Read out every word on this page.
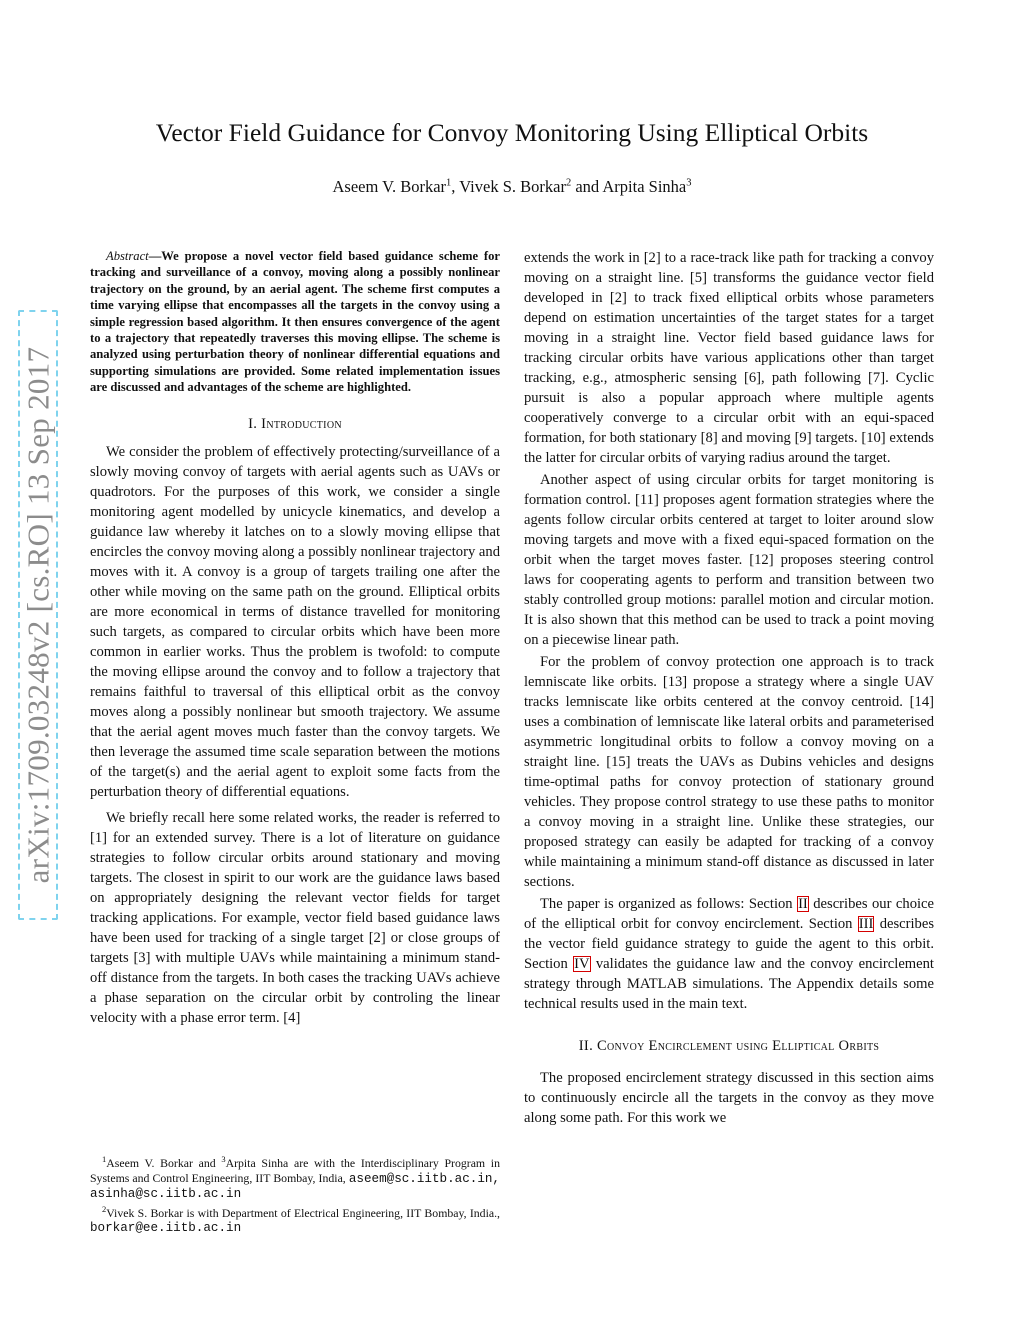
arXiv:1709.03248v2 [cs.RO] 13 Sep 2017
Vector Field Guidance for Convoy Monitoring Using Elliptical Orbits
Aseem V. Borkar$^1$, Vivek S. Borkar$^2$ and Arpita Sinha$^3$

Abstract—We propose a novel vector field based guidance scheme for tracking and surveillance of a convoy, moving along a possibly nonlinear trajectory on the ground, by an aerial agent. The scheme first computes a time varying ellipse that encompasses all the targets in the convoy using a simple regression based algorithm. It then ensures convergence of the agent to a trajectory that repeatedly traverses this moving ellipse. The scheme is analyzed using perturbation theory of nonlinear differential equations and supporting simulations are provided. Some related implementation issues are discussed and advantages of the scheme are highlighted.

I. Introduction

We consider the problem of effectively protecting/surveillance of a slowly moving convoy of targets with aerial agents such as UAVs or quadrotors. For the purposes of this work, we consider a single monitoring agent modelled by unicycle kinematics, and develop a guidance law whereby it latches on to a slowly moving ellipse that encircles the convoy moving along a possibly nonlinear trajectory and moves with it. A convoy is a group of targets trailing one after the other while moving on the same path on the ground. Elliptical orbits are more economical in terms of distance travelled for monitoring such targets, as compared to circular orbits which have been more common in earlier works. Thus the problem is twofold: to compute the moving ellipse around the convoy and to follow a trajectory that remains faithful to traversal of this elliptical orbit as the convoy moves along a possibly nonlinear but smooth trajectory. We assume that the aerial agent moves much faster than the convoy targets. We then leverage the assumed time scale separation between the motions of the target(s) and the aerial agent to exploit some facts from the perturbation theory of differential equations.

We briefly recall here some related works, the reader is referred to [1] for an extended survey. There is a lot of literature on guidance strategies to follow circular orbits around stationary and moving targets. The closest in spirit to our work are the guidance laws based on appropriately designing the relevant vector fields for target tracking applications. For example, vector field based guidance laws have been used for tracking of a single target [2] or close groups of targets [3] with multiple UAVs while maintaining a minimum stand-off distance from the targets. In both cases the tracking UAVs achieve a phase separation on the circular orbit by controling the linear velocity with a phase error term. [4]

extends the work in [2] to a race-track like path for tracking a convoy moving on a straight line. [5] transforms the guidance vector field developed in [2] to track fixed elliptical orbits whose parameters depend on estimation uncertainties of the target states for a target moving in a straight line. Vector field based guidance laws for tracking circular orbits have various applications other than target tracking, e.g., atmospheric sensing [6], path following [7]. Cyclic pursuit is also a popular approach where multiple agents cooperatively converge to a circular orbit with an equi-spaced formation, for both stationary [8] and moving [9] targets. [10] extends the latter for circular orbits of varying radius around the target.

Another aspect of using circular orbits for target monitoring is formation control. [11] proposes agent formation strategies where the agents follow circular orbits centered at target to loiter around slow moving targets and move with a fixed equi-spaced formation on the orbit when the target moves faster. [12] proposes steering control laws for cooperating agents to perform and transition between two stably controlled group motions: parallel motion and circular motion. It is also shown that this method can be used to track a point moving on a piecewise linear path.

For the problem of convoy protection one approach is to track lemniscate like orbits. [13] propose a strategy where a single UAV tracks lemniscate like orbits centered at the convoy centroid. [14] uses a combination of lemniscate like lateral orbits and parameterised asymmetric longitudinal orbits to follow a convoy moving on a straight line. [15] treats the UAVs as Dubins vehicles and designs time-optimal paths for convoy protection of stationary ground vehicles. They propose control strategy to use these paths to monitor a convoy moving in a straight line. Unlike these strategies, our proposed strategy can easily be adapted for tracking of a convoy while maintaining a minimum stand-off distance as discussed in later sections.

The paper is organized as follows: Section II describes our choice of the elliptical orbit for convoy encirclement. Section III describes the vector field guidance strategy to guide the agent to this orbit. Section IV validates the guidance law and the convoy encirclement strategy through MATLAB simulations. The Appendix details some technical results used in the main text.

II. Convoy Encirclement using Elliptical Orbits

The proposed encirclement strategy discussed in this section aims to continuously encircle all the targets in the convoy as they move along some path. For this work we

$^1$Aseem V. Borkar and $^3$Arpita Sinha are with the Interdisciplinary Program in Systems and Control Engineering, IIT Bombay, India, aseem@sc.iitb.ac.in, asinha@sc.iitb.ac.in

$^2$Vivek S. Borkar is with Department of Electrical Engineering, IIT Bombay, India., borkar@ee.iitb.ac.in
